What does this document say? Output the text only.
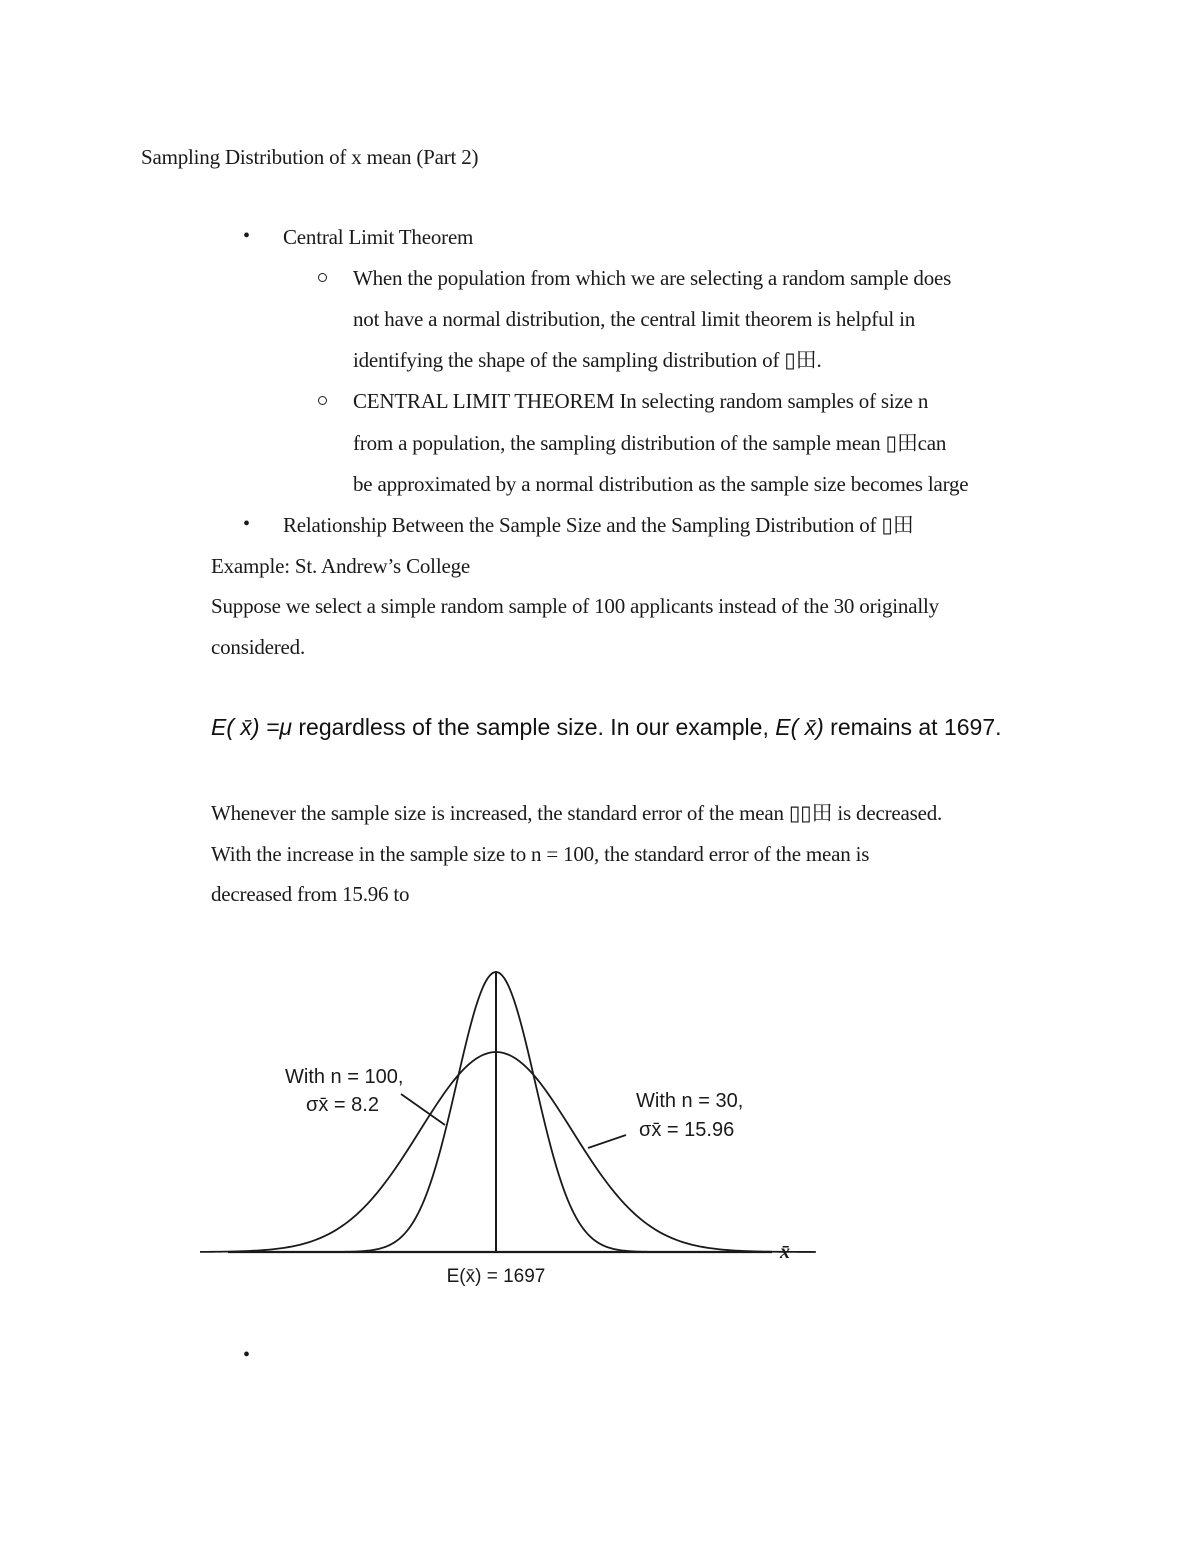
Sampling Distribution of x mean (Part 2)
• Central Limit Theorem
When the population from which we are selecting a random sample does
not have a normal distribution, the central limit theorem is helpful in
identifying the shape of the sampling distribution of ▯田.
CENTRAL LIMIT THEOREM In selecting random samples of size n
from a population, the sampling distribution of the sample mean ▯田can
be approximated by a normal distribution as the sample size becomes large
• Relationship Between the Sample Size and the Sampling Distribution of ▯田
Example: St. Andrew’s College
Suppose we select a simple random sample of 100 applicants instead of the 30 originally
considered.
E( x̄) =μ regardless of the sample size. In our example, E( x̄) remains at 1697.
Whenever the sample size is increased, the standard error of the mean ▯▯田 is decreased.
With the increase in the sample size to n = 100, the standard error of the mean is
decreased from 15.96 to
With n = 100,
σx̄ = 8.2	With n = 30,
σx̄ = 15.96
E(x̄) = 1697
x̄
•
